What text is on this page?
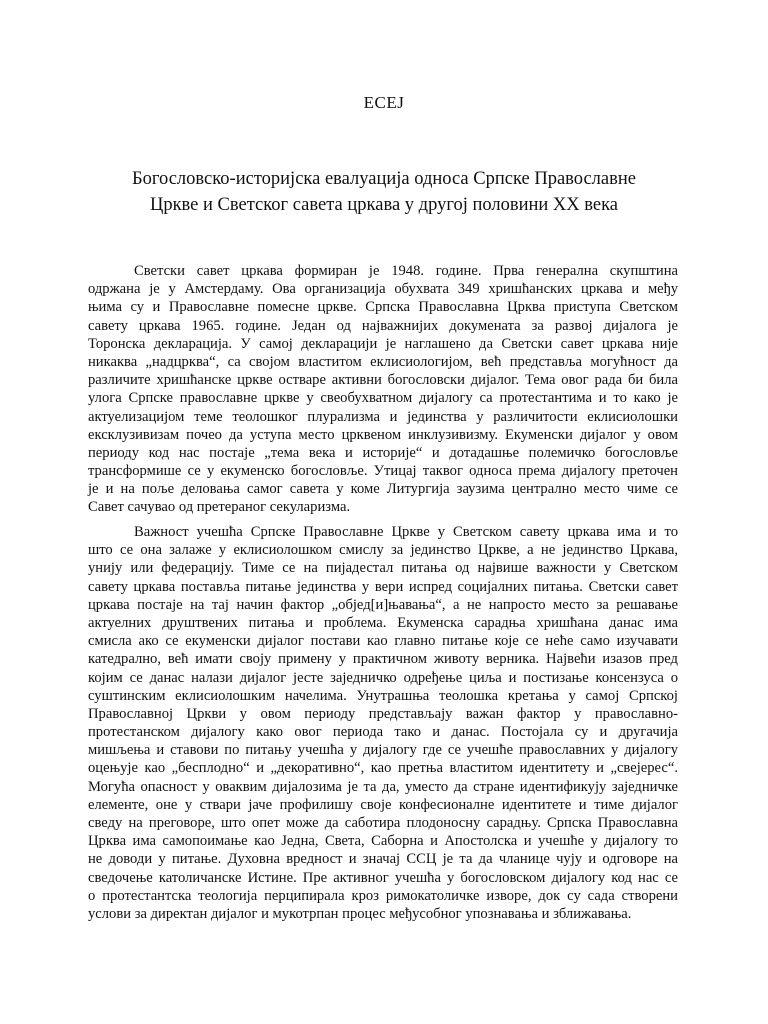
ЕСЕЈ
Богословско-историјска евалуација односа Српске Православне
Цркве и Светског савета цркава у другој половини XX века
Светски савет цркава формиран је 1948. године. Прва генерална скупштина
одржана је у Амстердаму. Ова организација обухвата 349 хришћанских цркава и међу
њима су и Православне помесне цркве. Српска Православна Црква приступа Светском
савету цркава 1965. године. Један од најважнијих докумената за развој дијалога је
Торонска декларација. У самој декларацији је наглашено да Светски савет цркава није
никаква „надцрква“, са својом властитом еклисиологијом, већ представља могућност да
различите хришћанске цркве остваре активни богословски дијалог. Тема овог рада би била
улога Српске православне цркве у свеобухватном дијалогу са протестантима и то како је
актуелизацијом теме теолошког плурализма и јединства у различитости еклисиолошки
ексклузивизам почео да уступа место црквеном инклузивизму. Екуменски дијалог у овом
периоду код нас постаје „тема века и историје“ и дотадашње полемичко богословље
трансформише се у екуменско богословље. Утицај таквог односа према дијалогу преточен
је и на поље деловања самог савета у коме Литургија заузима централно место чиме се
Савет сачувао од претераног секуларизма.
Важност учешћа Српске Православне Цркве у Светском савету цркава има и то
што се она залаже у еклисиолошком смислу за јединство Цркве, а не јединство Цркава,
унију или федерацију. Тиме се на пијадестал питања од највише важности у Светском
савету цркава поставља питање јединства у вери испред социјалних питања. Светски савет
цркава постаје на тај начин фактор „објед[и]њавања“, а не напросто место за решавање
актуелних друштвених питања и проблема. Екуменска сарадња хришћана данас има
смисла ако се екуменски дијалог постави као главно питање које се неће само изучавати
катедрално, већ имати своју примену у практичном животу верника. Највећи изазов пред
којим се данас налази дијалог јесте заједничко одређење циља и постизање консензуса о
суштинским еклисиолошким начелима. Унутрашња теолошка кретања у самој Српској
Православној Цркви у овом периоду представљају важан фактор у православно-
протестанском дијалогу како овог периода тако и данас. Постојала су и другачија
мишљења и ставови по питању учешћа у дијалогу где се учешће православних у дијалогу
оцењује као „бесплодно“ и „декоративно“, као претња властитом идентитету и „свејерес“.
Могућа опасност у оваквим дијалозима је та да, уместо да стране идентификују заједничке
елементе, оне у ствари јаче профилишу своје конфесионалне идентитете и тиме дијалог
сведу на преговоре, што опет може да саботира плодоносну сарадњу. Српска Православна
Црква има самопоимање као Једна, Света, Саборна и Апостолска и учешће у дијалогу то
не доводи у питање. Духовна вредност и значај ССЦ је та да чланице чују и одговоре на
сведочење католичанске Истине. Пре активног учешћа у богословском дијалогу код нас се
о протестантска теологија перципирала кроз римокатоличке изворе, док су сада створени
услови за директан дијалог и мукотрпан процес међусобног упознавања и зближавања.
